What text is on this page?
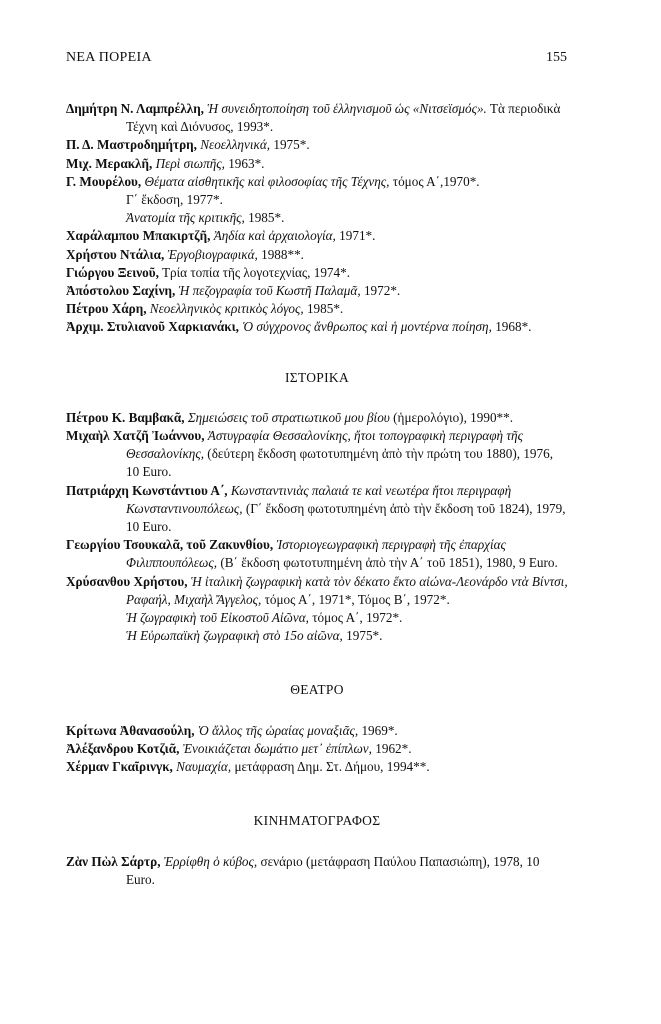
ΝΕΑ ΠΟΡΕΙΑ	155

Δημήτρη Ν. Λαμπρέλλη, Ἡ συνειδητοποίηση τοῦ ἑλληνισμοῦ ὡς «Νιτσεϊσμός». Τὰ περιοδικὰ Τέχνη καὶ Διόνυσος, 1993*.

Π. Δ. Μαστροδημήτρη, Νεοελληνικά, 1975*.

Μιχ. Μερακλῆ, Περὶ σιωπῆς, 1963*.

Γ. Μουρέλου, Θέματα αἰσθητικῆς καὶ φιλοσοφίας τῆς Τέχνης, τόμος Α΄,1970*.
Γ΄ ἔκδοση, 1977*.
Ἀνατομία τῆς κριτικῆς, 1985*.

Χαράλαμπου Μπακιρτζῆ, Ἀηδία καὶ ἀρχαιολογία, 1971*.

Χρήστου Ντάλια, Ἐργοβιογραφικά, 1988**.

Γιώργου Ξεινοῦ, Τρία τοπία τῆς λογοτεχνίας, 1974*.

Ἀπόστολου Σαχίνη, Ἡ πεζογραφία τοῦ Κωστῆ Παλαμᾶ, 1972*.

Πέτρου Χάρη, Νεοελληνικὸς κριτικὸς λόγος, 1985*.

Ἀρχιμ. Στυλιανοῦ Χαρκιανάκι, Ὁ σύγχρονος ἄνθρωπος καὶ ἡ μοντέρνα ποίηση, 1968*.

ΙΣΤΟΡΙΚΑ

Πέτρου Κ. Βαμβακᾶ, Σημειώσεις τοῦ στρατιωτικοῦ μου βίου (ἡμερολόγιο), 1990**.

Μιχαὴλ Χατζῆ Ἰωάννου, Ἀστυγραφία Θεσσαλονίκης, ἤτοι τοπογραφικὴ περιγραφὴ τῆς Θεσσαλονίκης, (δεύτερη ἔκδοση φωτοτυπημένη ἀπὸ τὴν πρώτη του 1880), 1976, 10 Euro.

Πατριάρχη Κωνστάντιου Α΄, Κωνσταντινιὰς παλαιά τε καὶ νεωτέρα ἤτοι περιγραφὴ Κωνσταντινουπόλεως, (Γ΄ ἔκδοση φωτοτυπημένη ἀπὸ τὴν ἔκδοση τοῦ 1824), 1979, 10 Euro.

Γεωργίου Τσουκαλᾶ, τοῦ Ζακυνθίου, Ἱστοριογεωγραφικὴ περιγραφὴ τῆς ἐπαρχίας Φιλιππουπόλεως, (Β΄ ἔκδοση φωτοτυπημένη ἀπὸ τὴν Α΄ τοῦ 1851), 1980, 9 Euro.

Χρύσανθου Χρήστου, Ἡ ἰταλικὴ ζωγραφικὴ κατὰ τὸν δέκατο ἕκτο αἰώνα-Λεονάρδο ντὰ Βίντσι, Ραφαήλ, Μιχαὴλ Ἄγγελος, τόμος Α΄, 1971*, Τόμος Β΄, 1972*.
Ἡ ζωγραφικὴ τοῦ Εἰκοστοῦ Αἰῶνα, τόμος Α΄, 1972*.
Ἡ Εὐρωπαϊκὴ ζωγραφικὴ στὸ 15ο αἰῶνα, 1975*.

ΘΕΑΤΡΟ

Κρίτωνα Ἀθανασούλη, Ὁ ἄλλος τῆς ὡραίας μοναξιᾶς, 1969*.

Ἀλέξανδρου Κοτζιᾶ, Ἐνοικιάζεται δωμάτιο μετ᾽ ἐπίπλων, 1962*.

Χέρμαν Γκαῖρινγκ, Ναυμαχία, μετάφραση Δημ. Στ. Δήμου, 1994**.

ΚΙΝΗΜΑΤΟΓΡΑΦΟΣ

Ζὰν Πὼλ Σάρτρ, Ἐρρίφθη ὁ κύβος, σενάριο (μετάφραση Παύλου Παπασιώπη), 1978, 10 Euro.
